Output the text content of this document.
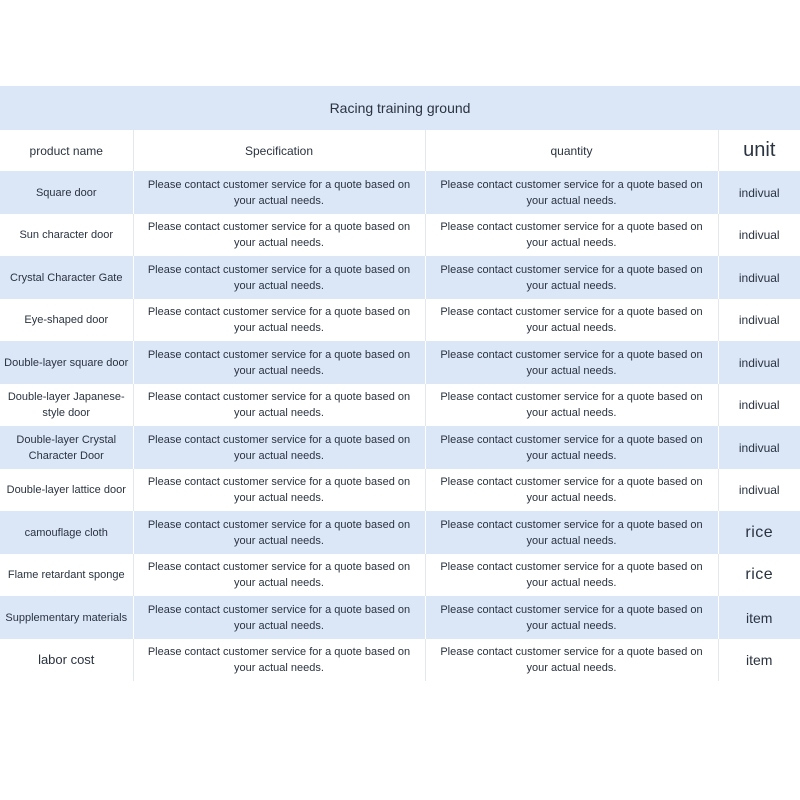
Racing training ground			
product name	Specification	quantity	unit
Square door	Please contact customer service for a quote based on your actual needs.	Please contact customer service for a quote based on your actual needs.	indivual
Sun character door	Please contact customer service for a quote based on your actual needs.	Please contact customer service for a quote based on your actual needs.	indivual
Crystal Character Gate	Please contact customer service for a quote based on your actual needs.	Please contact customer service for a quote based on your actual needs.	indivual
Eye-shaped door	Please contact customer service for a quote based on your actual needs.	Please contact customer service for a quote based on your actual needs.	indivual
Double-layer square door	Please contact customer service for a quote based on your actual needs.	Please contact customer service for a quote based on your actual needs.	indivual
Double-layer Japanese-style door	Please contact customer service for a quote based on your actual needs.	Please contact customer service for a quote based on your actual needs.	indivual
Double-layer Crystal Character Door	Please contact customer service for a quote based on your actual needs.	Please contact customer service for a quote based on your actual needs.	indivual
Double-layer lattice door	Please contact customer service for a quote based on your actual needs.	Please contact customer service for a quote based on your actual needs.	indivual
camouflage cloth	Please contact customer service for a quote based on your actual needs.	Please contact customer service for a quote based on your actual needs.	rice
Flame retardant sponge	Please contact customer service for a quote based on your actual needs.	Please contact customer service for a quote based on your actual needs.	rice
Supplementary materials	Please contact customer service for a quote based on your actual needs.	Please contact customer service for a quote based on your actual needs.	item
labor cost	Please contact customer service for a quote based on your actual needs.	Please contact customer service for a quote based on your actual needs.	item
